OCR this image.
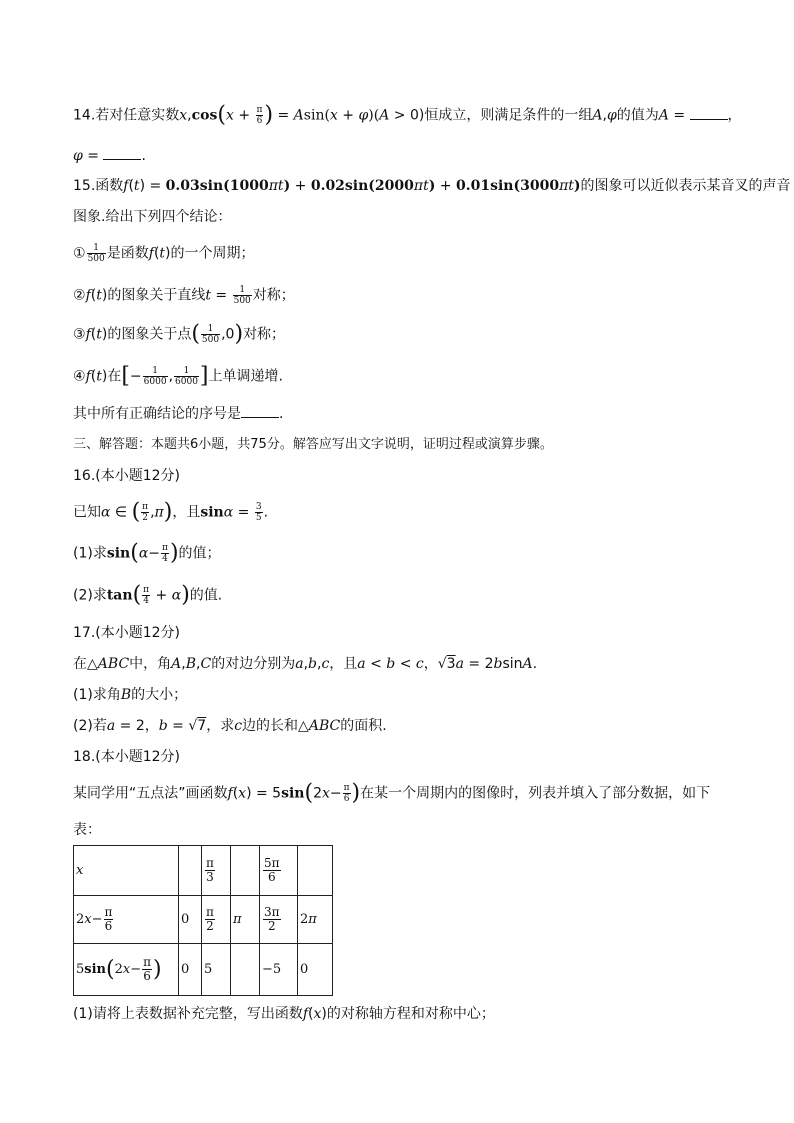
14.若对任意实数$x,\cos(x + \frac{\pi}{6}$ ) = Asin(x + φ)(A > 0)恒成立，则满足条件的一组A,φ的值为A =	，
φ =	.
15.函数f(t) = 0.03sin(1000πt) + 0.02sin(2000πt) + 0.01sin(3000πt)的图象可以近似表示某音叉的声音
图象.给出下列四个结论：
① $\frac{1}{500}$ 是函数f(t)的一个周期；
②f(t)的图象关于直线$t = \frac{1}{500}$ 对称；
③f(t)的图象关于点( $\frac{1}{500} ,0$)对称；
④f(t)在[− $\frac{1}{6000}$ , $\frac{1}{6000}$ ]上单调递增.
其中所有正确结论的序号是	.
三、解答题：本题共6小题，共75分。解答应写出文字说明，证明过程或演算步骤。
16.(本小题12分)
已知α ∈ ( $\frac{\pi}{2} ,\pi$)，且$\sin\alpha = \frac{3}{5}$ .
(1)求$\sin(\alpha- \frac{\pi}{4}$ )的值；
(2)求$\tan( \frac{\pi}{4} + \alpha)$的值.
17.(本小题12分)
在△ABC中，角A,B,C的对边分别为a,b,c，且a < b < c，√3a = 2bsinA.
(1)求角B的大小；
(2)若a = 2，b = √7，求c边的长和△ABC的面积.
18.(本小题12分)
某同学用“五点法”画函数$f(x) = 5\sin(2x- \frac{\pi}{6}$ )在某一个周期内的图像时，列表并填入了部分数据，如下
表：
x		$\frac{\pi}{3}$		$\frac{5\pi}{6}$

$2x- \frac{\pi}{6}$	0	$\frac{\pi}{2}$	π	$\frac{3\pi}{2}$	2π
$5\sin(2x- \frac{\pi}{6}$ )	0	5		−5	0
(1)请将上表数据补充完整，写出函数f(x)的对称轴方程和对称中心；
